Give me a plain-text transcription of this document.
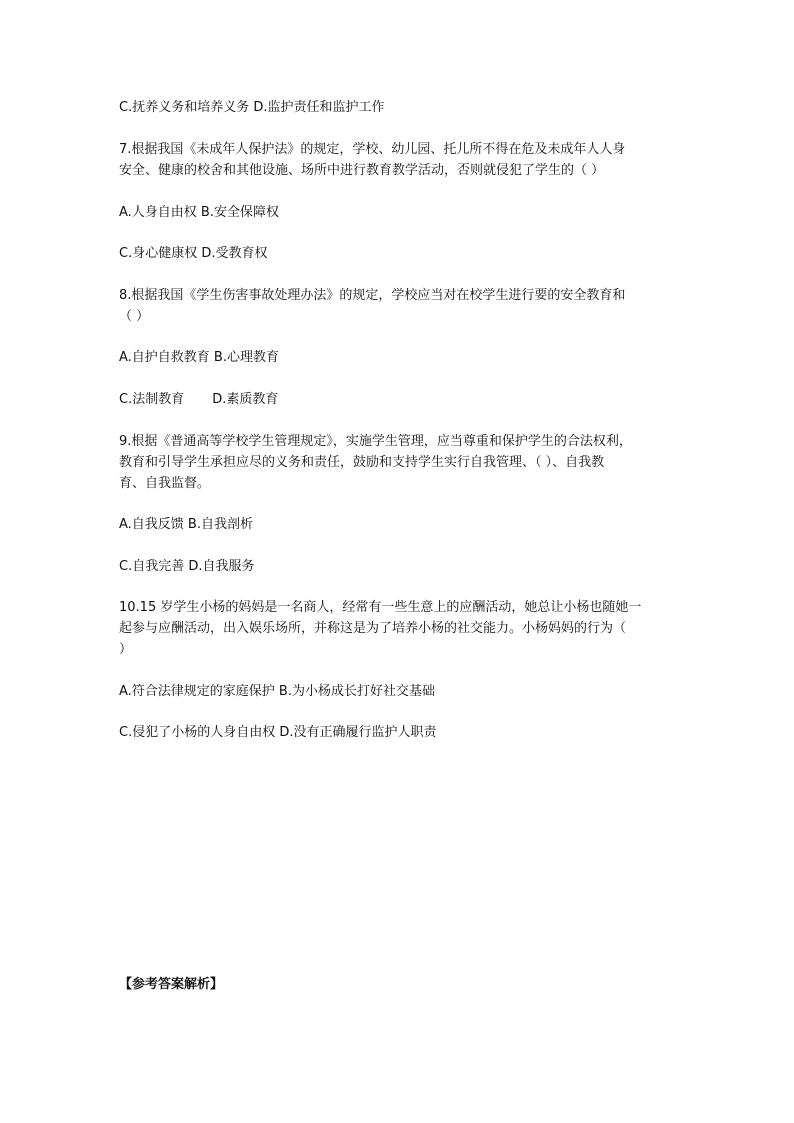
C.抚养义务和培养义务 D.监护责任和监护工作
7.根据我国《未成年人保护法》的规定，学校、幼儿园、托儿所不得在危及未成年人人身
安全、健康的校舍和其他设施、场所中进行教育教学活动，否则就侵犯了学生的（ ）
A.人身自由权 B.安全保障权
C.身心健康权 D.受教育权
8.根据我国《学生伤害事故处理办法》的规定，学校应当对在校学生进行要的安全教育和
（ ）
A.自护自救教育 B.心理教育
C.法制教育 D.素质教育
9.根据《普通高等学校学生管理规定》，实施学生管理，应当尊重和保护学生的合法权利，
教育和引导学生承担应尽的义务和责任，鼓励和支持学生实行自我管理、（ ）、自我教
育、自我监督。
A.自我反馈 B.自我剖析
C.自我完善 D.自我服务
10.15 岁学生小杨的妈妈是一名商人，经常有一些生意上的应酬活动，她总让小杨也随她一
起参与应酬活动，出入娱乐场所，并称这是为了培养小杨的社交能力。小杨妈妈的行为（
）
A.符合法律规定的家庭保护 B.为小杨成长打好社交基础
C.侵犯了小杨的人身自由权 D.没有正确履行监护人职责
【参考答案解析】
